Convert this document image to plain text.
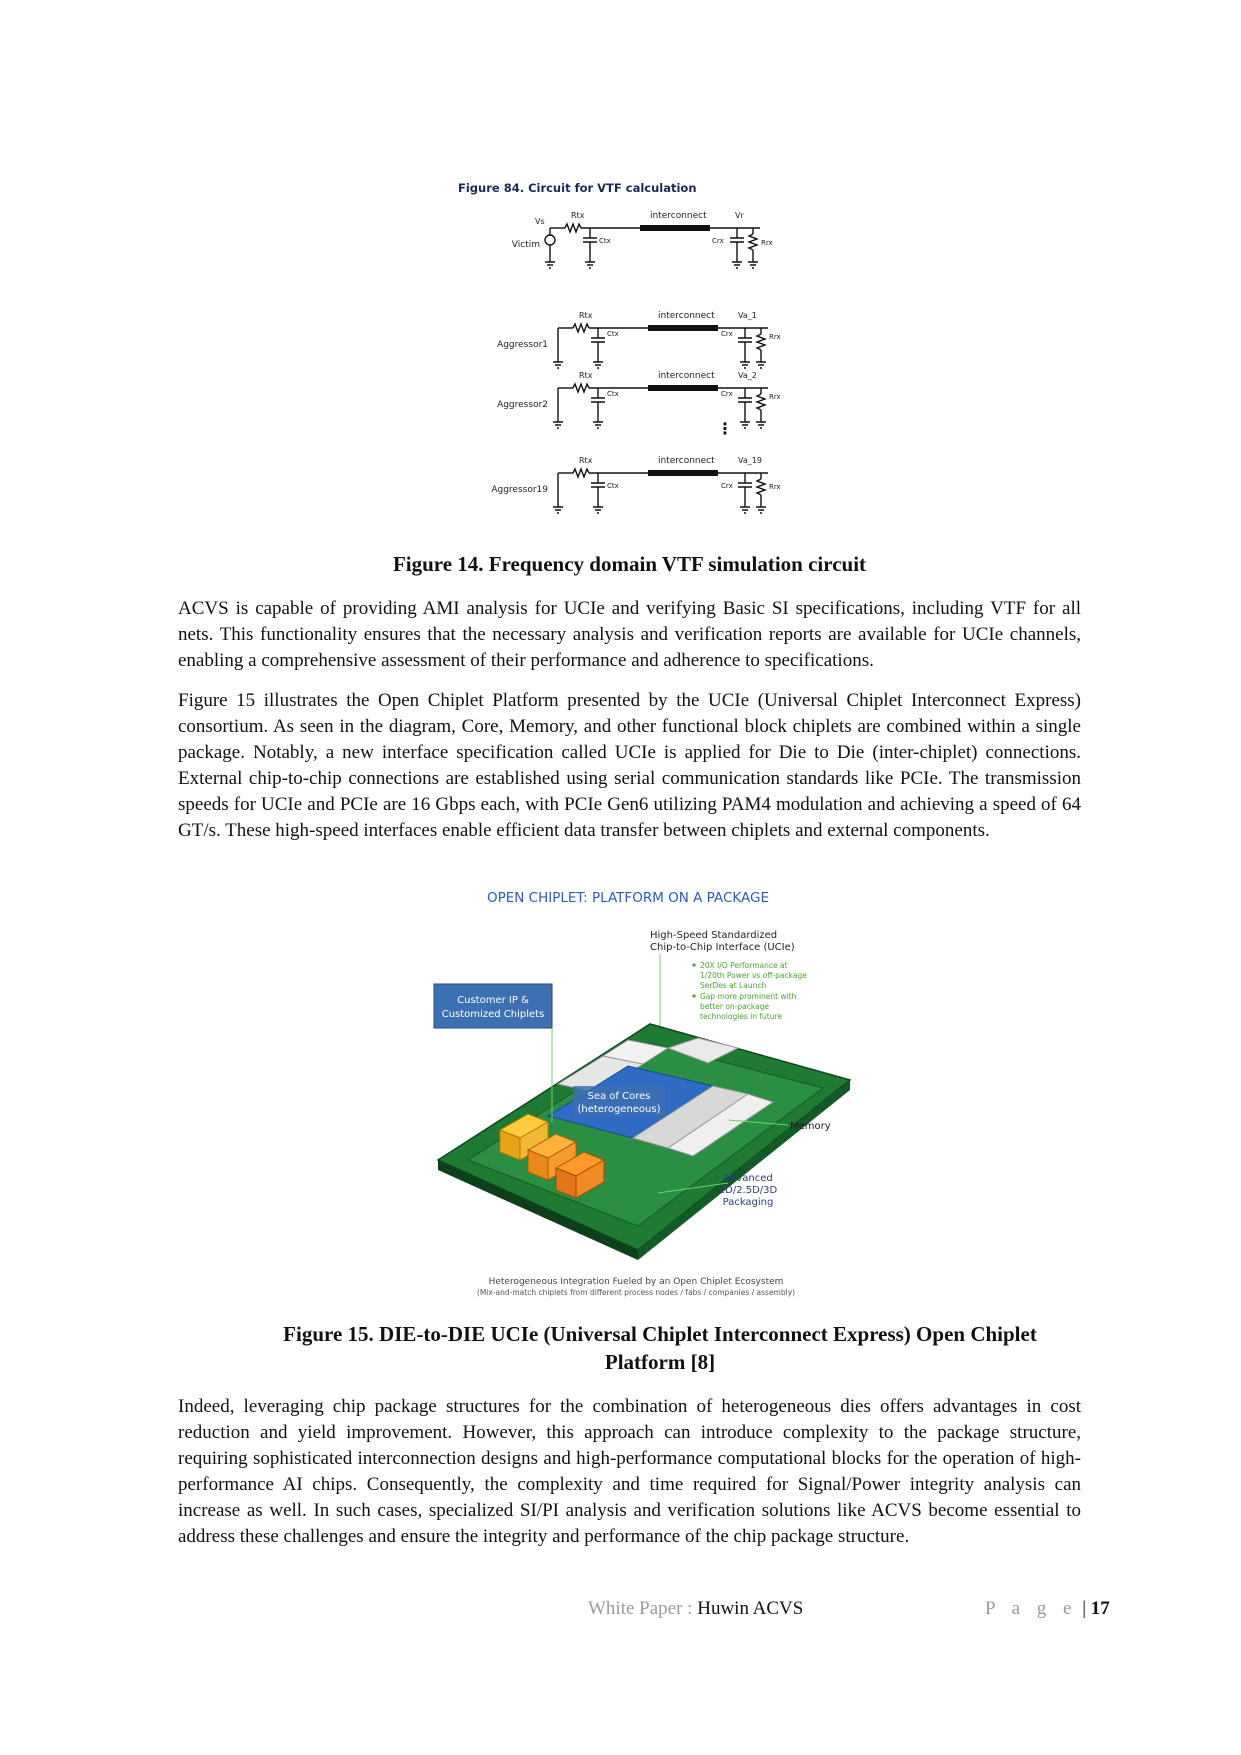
Figure 84. Circuit for VTF calculation
Victim
Vs
Rtx
Ctx
interconnect	Vr
Crx	Rrx
Aggressor1
Rtx
Ctx
interconnect	Va_1
Crx	Rrx
Aggressor2
Rtx
Ctx
interconnect	Va_2
Crx	Rrx
⋮
Aggressor19
Rtx
Ctx
interconnect	Va_19
Crx	Rrx
Figure 14. Frequency domain VTF simulation circuit

ACVS is capable of providing AMI analysis for UCIe and verifying Basic SI specifications, including VTF for all nets. This functionality ensures that the necessary analysis and verification reports are available for UCIe channels, enabling a comprehensive assessment of their performance and adherence to specifications.

Figure 15 illustrates the Open Chiplet Platform presented by the UCIe (Universal Chiplet Interconnect Express) consortium. As seen in the diagram, Core, Memory, and other functional block chiplets are combined within a single package. Notably, a new interface specification called UCIe is applied for Die to Die (inter-chiplet) connections. External chip-to-chip connections are established using serial communication standards like PCIe. The transmission speeds for UCIe and PCIe are 16 Gbps each, with PCIe Gen6 utilizing PAM4 modulation and achieving a speed of 64 GT/s. These high-speed interfaces enable efficient data transfer between chiplets and external components.

OPEN CHIPLET: PLATFORM ON A PACKAGE
High-Speed Standardized
Chip-to-Chip Interface (UCIe)
20X I/O Performance at
1/20th Power vs off-package
SerDes at Launch
Gap more prominent with
better on-package
technologies in future
Sea of Cores
(heterogeneous)
Customer IP &
Customized Chiplets
Memory
Advanced
2D/2.5D/3D
Packaging
Heterogeneous Integration Fueled by an Open Chiplet Ecosystem
(Mix-and-match chiplets from different process nodes / fabs / companies / assembly)
Figure 15. DIE-to-DIE UCIe (Universal Chiplet Interconnect Express) Open Chiplet
Platform [8]

Indeed, leveraging chip package structures for the combination of heterogeneous dies offers advantages in cost reduction and yield improvement. However, this approach can introduce complexity to the package structure, requiring sophisticated interconnection designs and high-performance computational blocks for the operation of high-performance AI chips. Consequently, the complexity and time required for Signal/Power integrity analysis can increase as well. In such cases, specialized SI/PI analysis and verification solutions like ACVS become essential to address these challenges and ensure the integrity and performance of the chip package structure.

White Paper : Huwin ACVS	P a g e | 17
